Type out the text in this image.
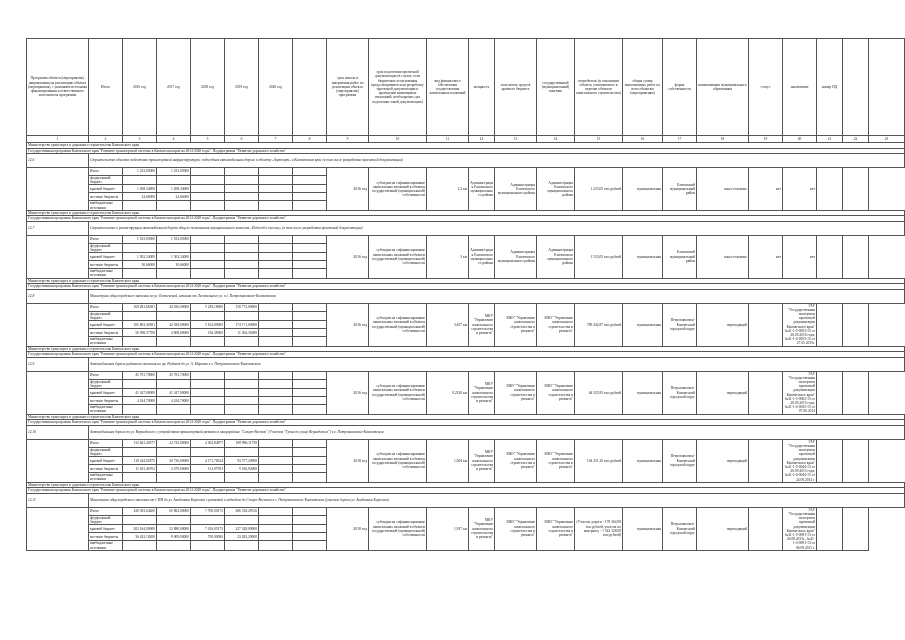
Программа объекта (мероприятия), направленная на реализацию объекта (мероприятия), с указанием источника финансирования и ответственного исполнителя программы	Итого	2016 год	2017 год	2018 год	2019 год	2020 год		срок начала и завершения работ по реализации объекта (мероприятия) программы	срок подготовки проектной документации (в случае, если бюджетные ассигнования предусматриваются на разработку проектной документации и проведение инженерных изысканий, необходимых для подготовки такой документации)	вид финансового обеспечения осуществления капитальных вложений	мощность	получатель средств краевого бюджета	государственный (муниципальный) заказчик	потребитель (в отношении объекта, учитываемого в перечне объектов капитального строительства)	общая сумма выполненных работ по всем объектам (мероприятиям)	форма собственности	наименование муниципального образования	статус	заключение	номер ПД		
1	2	3	4	5	6	7	8	9	10	11	12	13	14	15	16	17	18	19	20	21	22	23
Министерство транспорта и дорожного строительства Камчатского края																						
Государственная программа Камчатского края "Развитие транспортной системы в Камчатском крае на 2014-2020 годы". Подпрограмма "Развитие дорожного хозяйства"																						
12.6	Строительство объекта подготовки транспортной инфраструктуры: подъездная автомобильная дорога к объекту «Аэропорт» в Камчатском крае (в том числе разработка проектной документации)																					
	Итого	1 233,05000	1 233,05000					2016 год	субсидии на софинансирование капитальных вложений в объекты государственной (муниципальной) собственности	1,2 км	Администрация Елизовского муниципального района	Администрация Елизовского муниципального района	Администрация Елизовского муниципального района	1 233,05 тыс.рублей	муниципальная	Елизовский муниципальный район	заказ отложено	нет	нет			
	федеральный бюджет																					
	краевой бюджет	1 208,34000	1 208,34000																			
	местные бюджеты	24,66000	24,66000																			
	внебюджетные источники																					
Министерство транспорта и дорожного строительства Камчатского края																						
Государственная программа Камчатского края "Развитие транспортной системы в Камчатском крае на 2014-2020 годы". Подпрограмма "Развитие дорожного хозяйства"																						
12.7	Строительство и реконструкция автомобильной дороги общего пользования муниципального значения «Подъезд к поселку» (в том числе разработка проектной документации)																					
	Итого	1 533,05000	1 533,05000					2016 год	субсидии на софинансирование капитальных вложений в объекты государственной (муниципальной) собственности	3 км	Администрация Елизовского муниципального района	Администрация Елизовского муниципального района	Администрация Елизовского муниципального района	1 533,05 тыс.рублей	муниципальная	Елизовский муниципальный район	заказ отложено	нет	нет			
	федеральный бюджет																					
	краевой бюджет	1 502,34000	1 502,34000																			
	местные бюджеты	30,66000	30,66000																			
	внебюджетные источники																					
Министерство транспорта и дорожного строительства Камчатского края																						
Государственная программа Камчатского края "Развитие транспортной системы в Камчатском крае на 2014-2020 годы". Подпрограмма "Развитие дорожного хозяйства"																						
12.8	Магистраль общегородского значения по ул. Ключевской, начиная от Лесопильного ул. в г. Петропавловске-Камчатском																					
	Итого	169 281,66381	44 036,00000	5 239,18000	158 772,00000			2016 год	субсидии на софинансирование капитальных вложений в объекты государственной (муниципальной) собственности	3,657 км	МКУ "Управление капитального строительства и ремонта"	МКУ "Управление капитального строительства и ремонта"	МКУ "Управление капитального строительства и ремонта"	789 442,87 тыс.рублей	муниципальная	Петропавловск-Камчатский городской округ	переходящий		ГАУ "Государственная экспертиза проектной документации Камчатского края" №41-1-5-0053-15 от 26.05.2016 года; №41-1-4-0033-15 от 27.05.2015г.			
	федеральный бюджет																					
	краевой бюджет	165 863,30381	42 029,00000	5 102,80000	174 171,00000																	
	местные бюджеты	50 398,37700	4 008,00000	136,38000	11 364,33000																	
	внебюджетные источники																					
Министерство транспорта и дорожного строительства Камчатского края																						
Государственная программа Камчатского края "Развитие транспортной системы в Камчатском крае на 2014-2020 годы". Подпрограмма "Развитие дорожного хозяйства"																						
12.9	Автомобильная дорога районного значения на пр. Рыбаков до ул. А. Маркова в г. Петропавловске-Камчатском																					
	Итого	45 781,70000	45 781,70000					2016 год	субсидии на софинансирование капитальных вложений в объекты государственной (муниципальной) собственности	0,2320 км	МКУ "Управление капитального строительства и ремонта"	МКУ "Управление капитального строительства и ремонта"	МКУ "Управление капитального строительства и ремонта"	64 325,95 тыс.рублей	муниципальная	Петропавловск-Камчатский городской округ	переходящий		ГАУ "Государственная экспертиза проектной документации Камчатского края" №41-1-5-0002-15 от 26.05.2015 года; №41-1-4-0025-15 от 07.06.2014			
	федеральный бюджет																					
	краевой бюджет	41 347,00000	41 347,00000																			
	местные бюджеты	4 434,70000	4 434,70000																			
	внебюджетные источники																					
Министерство транспорта и дорожного строительства Камчатского края																						
Государственная программа Камчатского края "Развитие транспортной системы в Камчатском крае на 2014-2020 годы". Подпрограмма "Развитие дорожного хозяйства"																						
12.10	Автомобильная дорога по ул. Вернадского с устройством транспортной развязки в микрорайоне "Северо-Восток" (Участок "Тупик по улице Вернадского") в г. Петропавловске-Камчатском																					
	Итого	132 661,40577	22 725,00000	4 302,84877	108 986,11758			2018 год	субсидии на софинансирование капитальных вложений в объекты государственной (муниципальной) собственности	1,004 км	МКУ "Управление капитального строительства и ремонта"	МКУ "Управление капитального строительства и ремонта"	МКУ "Управление капитального строительства и ремонта"	164 251,20 тыс.рублей	муниципальная	Петропавловск-Камчатский городской округ	переходящий		ГАУ "Государственная экспертиза проектной документации Камчатского края" №41-1-5-0044-13 от 26.09.2013 года; №41-1-4-0044-15 от 24.09.2014 г.			
	федеральный бюджет																					
	краевой бюджет	118 244,02875	20 736,00000	4 171,78324	93 377,20000																	
	местные бюджеты	11 631,46702	2 479,00000	131,07953	9 160,92000																	
	внебюджетные источники																					
Министерство транспорта и дорожного строительства Камчатского края																						
Государственная программа Камчатского края "Развитие транспортной системы в Камчатском крае на 2014-2020 годы". Подпрограмма "Развитие дорожного хозяйства"																						
12.11	Магистраль общегородского значения от 1 КМ до ул. Академика Королева с развязкой и подходом до Северо-Востока в г. Петропавловске-Камчатском (участок дороги ул. Академика Королева)																					
	Итого	438 392,64200	65 862,00000	7 700,00173	286 318,29516			2018 год	субсидии на софинансирование капитальных вложений в объекты государственной (муниципальной) собственности	1,937 км	МКУ "Управление капитального строительства и ремонта"	МКУ "Управление капитального строительства и ремонта"	МКУ "Управление капитального строительства и ремонта"	(Участок дороги - 178 364,98 тыс.рублей, участок по контракту - 1 543 328,08 тыс.рублей)	муниципальная	Петропавловск-Камчатский городской округ	переходящий		ГАУ "Государственная экспертиза проектной документации Камчатского края" №41-1-5-0091-13 от 26.08.2013г., №41-1-4-0091-13 от 06.09.2013 г.			
	федеральный бюджет																					
	краевой бюджет	202 164,00000	52 880,00000	7 016,05173	227 328,00000																	
	местные бюджеты	36 432,18200	8 009,00000	700,00000	23 282,29000																	
	внебюджетные источники																					
